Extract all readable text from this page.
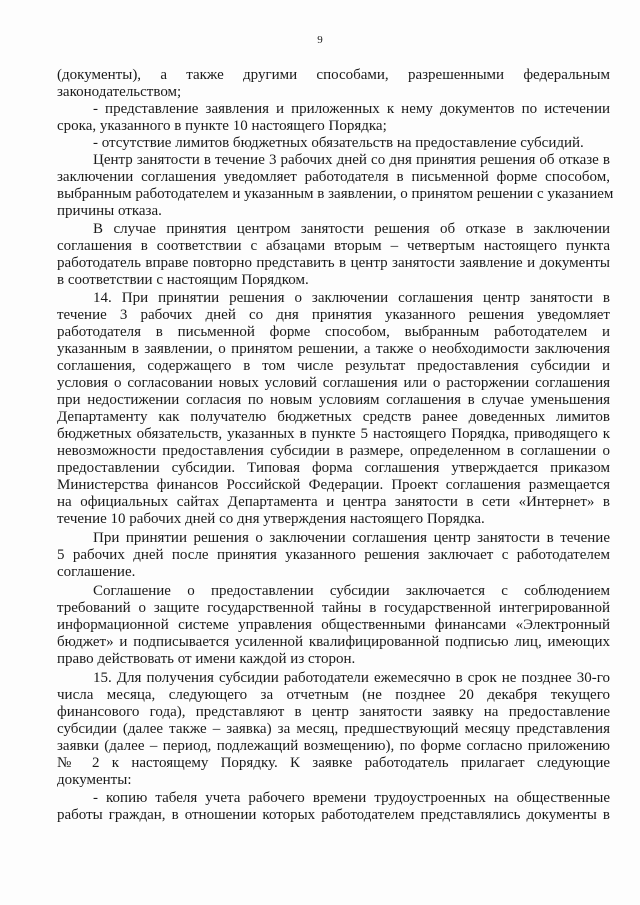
9
(документы), а также другими способами, разрешенными федеральным
законодательством;
- представление заявления и приложенных к нему документов по истечении
срока, указанного в пункте 10 настоящего Порядка;
- отсутствие лимитов бюджетных обязательств на предоставление субсидий.
Центр занятости в течение 3 рабочих дней со дня принятия решения об отказе в
заключении соглашения уведомляет работодателя в письменной форме способом,
выбранным работодателем и указанным в заявлении, о принятом решении с указанием
причины отказа.
В случае принятия центром занятости решения об отказе в заключении
соглашения в соответствии с абзацами вторым – четвертым настоящего пункта
работодатель вправе повторно представить в центр занятости заявление и документы
в соответствии с настоящим Порядком.
14. При принятии решения о заключении соглашения центр занятости в
течение 3 рабочих дней со дня принятия указанного решения уведомляет
работодателя в письменной форме способом, выбранным работодателем и
указанным в заявлении, о принятом решении, а также о необходимости заключения
соглашения, содержащего в том числе результат предоставления субсидии и
условия о согласовании новых условий соглашения или о расторжении соглашения
при недостижении согласия по новым условиям соглашения в случае уменьшения
Департаменту как получателю бюджетных средств ранее доведенных лимитов
бюджетных обязательств, указанных в пункте 5 настоящего Порядка, приводящего к
невозможности предоставления субсидии в размере, определенном в соглашении о
предоставлении субсидии. Типовая форма соглашения утверждается приказом
Министерства финансов Российской Федерации. Проект соглашения размещается
на официальных сайтах Департамента и центра занятости в сети «Интернет» в
течение 10 рабочих дней со дня утверждения настоящего Порядка.
При принятии решения о заключении соглашения центр занятости в течение
5 рабочих дней после принятия указанного решения заключает с работодателем
соглашение.
Соглашение о предоставлении субсидии заключается с соблюдением
требований о защите государственной тайны в государственной интегрированной
информационной системе управления общественными финансами «Электронный
бюджет» и подписывается усиленной квалифицированной подписью лиц, имеющих
право действовать от имени каждой из сторон.
15. Для получения субсидии работодатели ежемесячно в срок не позднее 30-го
числа месяца, следующего за отчетным (не позднее 20 декабря текущего
финансового года), представляют в центр занятости заявку на предоставление
субсидии (далее также – заявка) за месяц, предшествующий месяцу представления
заявки (далее – период, подлежащий возмещению), по форме согласно приложению
№ 2 к настоящему Порядку. К заявке работодатель прилагает следующие
документы:
- копию табеля учета рабочего времени трудоустроенных на общественные
работы граждан, в отношении которых работодателем представлялись документы в
